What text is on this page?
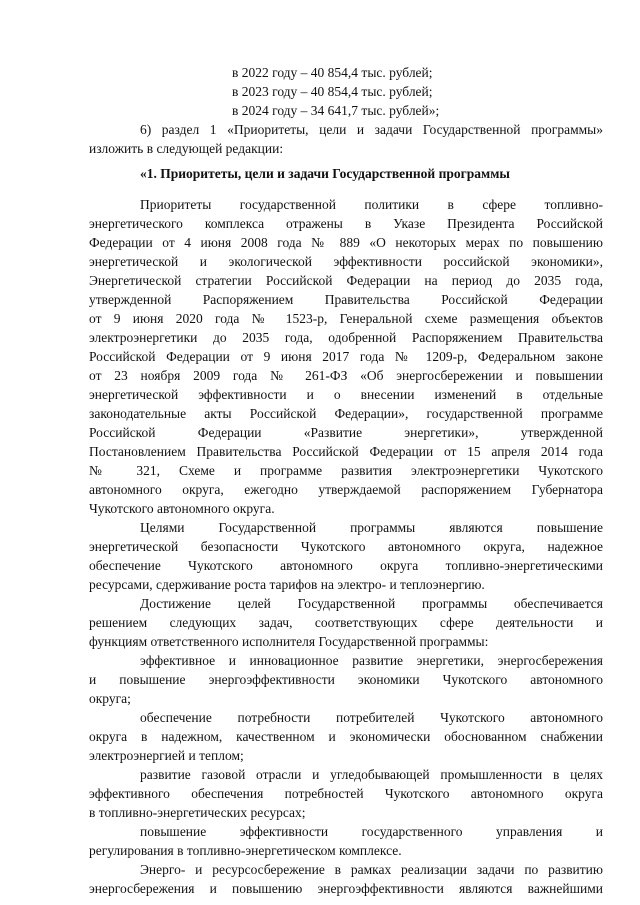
в 2022 году – 40 854,4 тыс. рублей;
в 2023 году – 40 854,4 тыс. рублей;
в 2024 году – 34 641,7 тыс. рублей»;
6) раздел 1 «Приоритеты, цели и задачи Государственной программы»
изложить в следующей редакции:
«1. Приоритеты, цели и задачи Государственной программы
Приоритеты государственной политики в сфере топливно-
энергетического комплекса отражены в Указе Президента Российской
Федерации от 4 июня 2008 года № 889 «О некоторых мерах по повышению
энергетической и экологической эффективности российской экономики»,
Энергетической стратегии Российской Федерации на период до 2035 года,
утвержденной Распоряжением Правительства Российской Федерации
от 9 июня 2020 года № 1523-р, Генеральной схеме размещения объектов
электроэнергетики до 2035 года, одобренной Распоряжением Правительства
Российской Федерации от 9 июня 2017 года № 1209-р, Федеральном законе
от 23 ноября 2009 года № 261-ФЗ «Об энергосбережении и повышении
энергетической эффективности и о внесении изменений в отдельные
законодательные акты Российской Федерации», государственной программе
Российской Федерации «Развитие энергетики», утвержденной
Постановлением Правительства Российской Федерации от 15 апреля 2014 года
№ 321, Схеме и программе развития электроэнергетики Чукотского
автономного округа, ежегодно утверждаемой распоряжением Губернатора
Чукотского автономного округа.
Целями Государственной программы являются повышение
энергетической безопасности Чукотского автономного округа, надежное
обеспечение Чукотского автономного округа топливно-энергетическими
ресурсами, сдерживание роста тарифов на электро- и теплоэнергию.
Достижение целей Государственной программы обеспечивается
решением следующих задач, соответствующих сфере деятельности и
функциям ответственного исполнителя Государственной программы:
эффективное и инновационное развитие энергетики, энергосбережения
и повышение энергоэффективности экономики Чукотского автономного
округа;
обеспечение потребности потребителей Чукотского автономного
округа в надежном, качественном и экономически обоснованном снабжении
электроэнергией и теплом;
развитие газовой отрасли и угледобывающей промышленности в целях
эффективного обеспечения потребностей Чукотского автономного округа
в топливно-энергетических ресурсах;
повышение эффективности государственного управления и
регулирования в топливно-энергетическом комплексе.
Энерго- и ресурсосбережение в рамках реализации задачи по развитию
энергосбережения и повышению энергоэффективности являются важнейшими
